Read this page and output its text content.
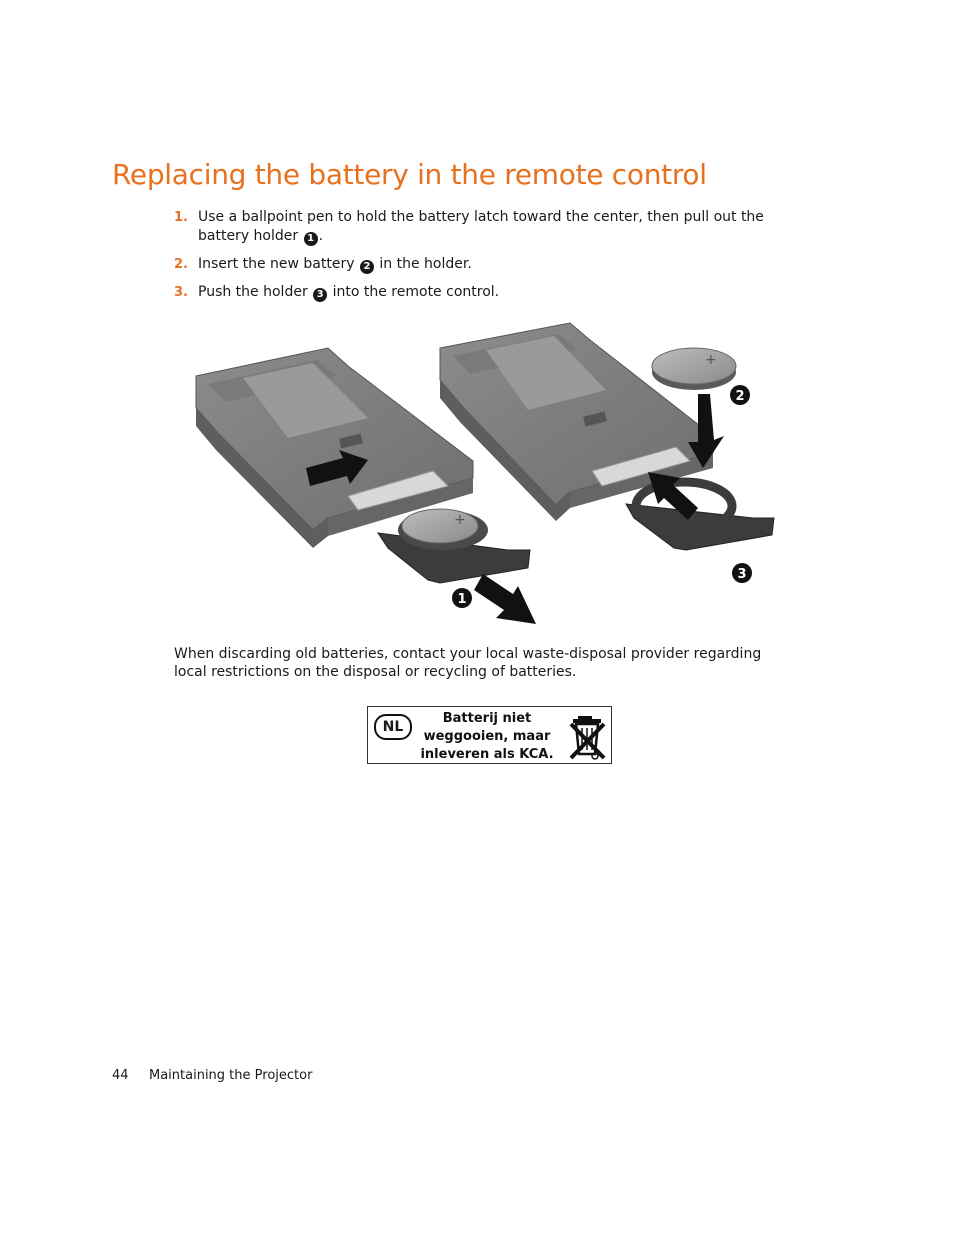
Replacing the battery in the remote control
1. Use a ballpoint pen to hold the battery latch toward the center, then pull out the battery holder 1 .
2. Insert the new battery 2 in the holder.
3. Push the holder 3 into the remote control.
+
+
2
3
1

When discarding old batteries, contact your local waste-disposal provider regarding local restrictions on the disposal or recycling of batteries.

NL
Batterij niet
weggooien, maar
inleveren als KCA.
44 Maintaining the Projector
